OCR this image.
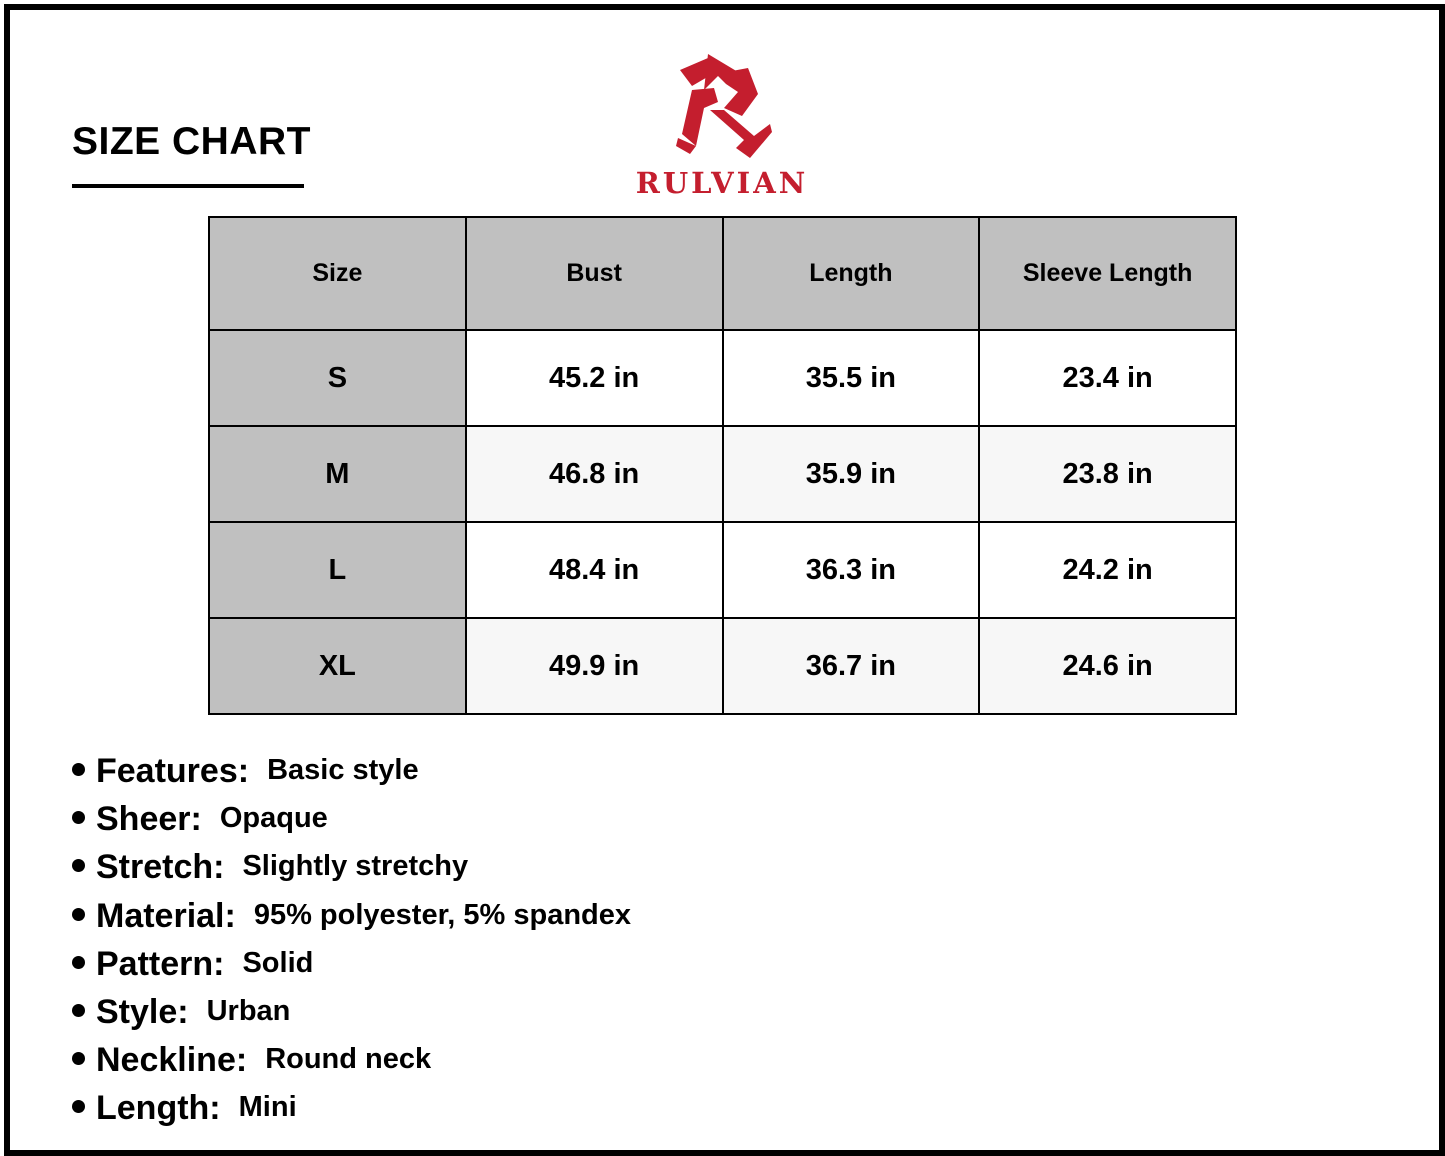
SIZE CHART
RULVIAN
Size	Bust	Length	Sleeve Length
S	45.2 in	35.5 in	23.4 in
M	46.8 in	35.9 in	23.8 in
L	48.4 in	36.3 in	24.2 in
XL	49.9 in	36.7 in	24.6 in
Features: Basic style
Sheer: Opaque
Stretch: Slightly stretchy
Material: 95% polyester, 5% spandex
Pattern: Solid
Style: Urban
Neckline: Round neck
Length: Mini
